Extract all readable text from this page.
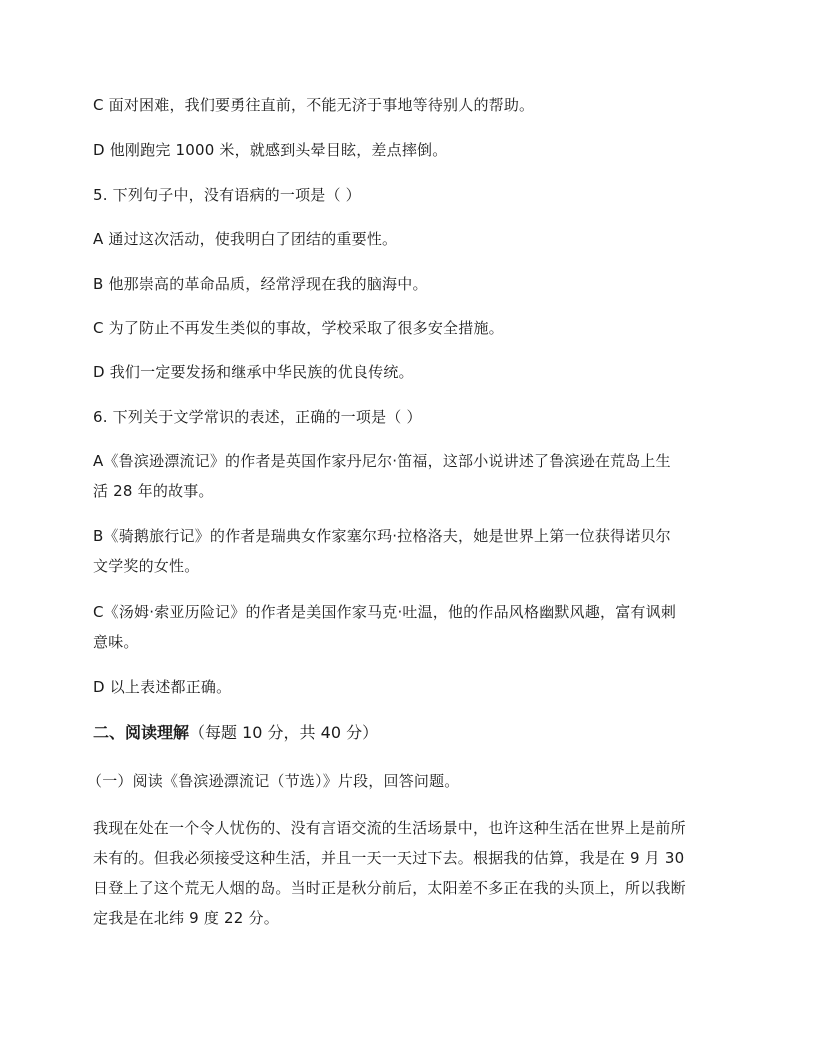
C 面对困难，我们要勇往直前，不能无济于事地等待别人的帮助。
D 他刚跑完 1000 米，就感到头晕目眩，差点摔倒。
5. 下列句子中，没有语病的一项是（ ）
A 通过这次活动，使我明白了团结的重要性。
B 他那崇高的革命品质，经常浮现在我的脑海中。
C 为了防止不再发生类似的事故，学校采取了很多安全措施。
D 我们一定要发扬和继承中华民族的优良传统。
6. 下列关于文学常识的表述，正确的一项是（ ）
A《鲁滨逊漂流记》的作者是英国作家丹尼尔·笛福，这部小说讲述了鲁滨逊在荒岛上生
活 28 年的故事。
B《骑鹅旅行记》的作者是瑞典女作家塞尔玛·拉格洛夫，她是世界上第一位获得诺贝尔
文学奖的女性。
C《汤姆·索亚历险记》的作者是美国作家马克·吐温，他的作品风格幽默风趣，富有讽刺
意味。
D 以上表述都正确。
二、阅读理解（每题 10 分，共 40 分）
（一）阅读《鲁滨逊漂流记（节选）》片段，回答问题。
我现在处在一个令人忧伤的、没有言语交流的生活场景中，也许这种生活在世界上是前所
未有的。但我必须接受这种生活，并且一天一天过下去。根据我的估算，我是在 9 月 30
日登上了这个荒无人烟的岛。当时正是秋分前后，太阳差不多正在我的头顶上，所以我断
定我是在北纬 9 度 22 分。
